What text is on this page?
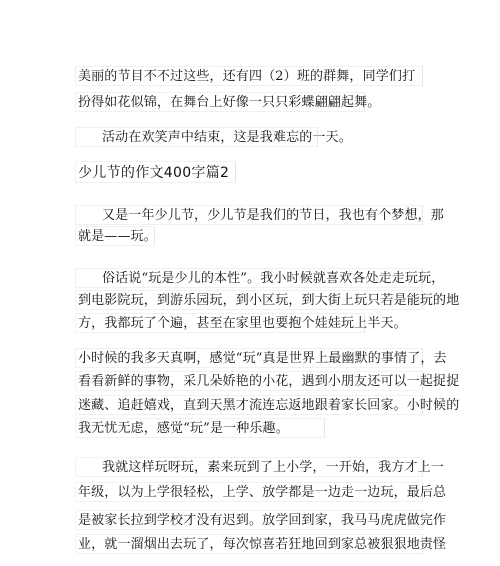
美丽的节目不不过这些，还有四（2）班的群舞，同学们打
扮得如花似锦，在舞台上好像一只只彩蝶翩翩起舞。
活动在欢笑声中结束，这是我难忘的一天。
少儿节的作文400字篇2
又是一年少儿节，少儿节是我们的节日，我也有个梦想，那
就是——玩。
俗话说“玩是少儿的本性”。我小时候就喜欢各处走走玩玩，
到电影院玩，到游乐园玩，到小区玩，到大街上玩只若是能玩的地
方，我都玩了个遍，甚至在家里也要抱个娃娃玩上半天。
小时候的我多天真啊，感觉“玩”真是世界上最幽默的事情了，去
看看新鲜的事物，采几朵娇艳的小花，遇到小朋友还可以一起捉捉
迷藏、追赶嬉戏，直到天黑才流连忘返地跟着家长回家。小时候的
我无忧无虑，感觉“玩”是一种乐趣。
我就这样玩呀玩，素来玩到了上小学，一开始，我方才上一
年级，以为上学很轻松，上学、放学都是一边走一边玩，最后总
是被家长拉到学校才没有迟到。放学回到家，我马马虎虎做完作
业，就一溜烟出去玩了，每次惊喜若狂地回到家总被狠狠地责怪
